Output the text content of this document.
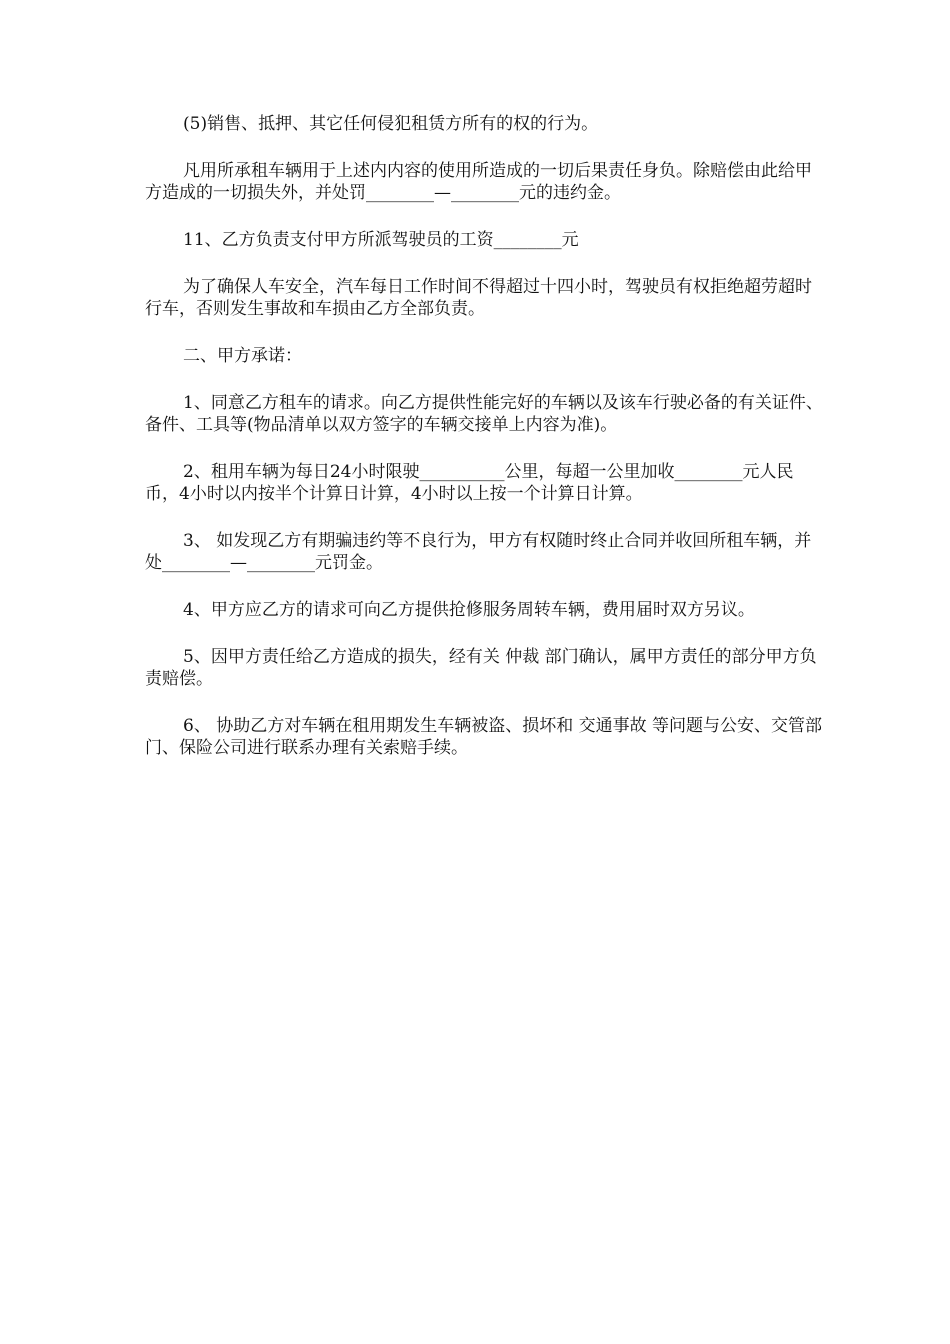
(5)销售、抵押、其它任何侵犯租赁方所有的权的行为。

凡用所承租车辆用于上述内内容的使用所造成的一切后果责任身负。除赔偿由此给甲方造成的一切损失外，并处罚________—________元的违约金。

11、乙方负责支付甲方所派驾驶员的工资________元

为了确保人车安全，汽车每日工作时间不得超过十四小时，驾驶员有权拒绝超劳超时行车，否则发生事故和车损由乙方全部负责。

二、甲方承诺：

1、同意乙方租车的请求。向乙方提供性能完好的车辆以及该车行驶必备的有关证件、备件、工具等(物品清单以双方签字的车辆交接单上内容为准)。

2、租用车辆为每日24小时限驶__________公里，每超一公里加收________元人民币，4小时以内按半个计算日计算，4小时以上按一个计算日计算。

3、 如发现乙方有期骗违约等不良行为，甲方有权随时终止合同并收回所租车辆，并处________—________元罚金。

4、甲方应乙方的请求可向乙方提供抢修服务周转车辆，费用届时双方另议。

5、因甲方责任给乙方造成的损失，经有关 仲裁 部门确认，属甲方责任的部分甲方负责赔偿。

6、 协助乙方对车辆在租用期发生车辆被盗、损坏和 交通事故 等问题与公安、交管部门、保险公司进行联系办理有关索赔手续。
